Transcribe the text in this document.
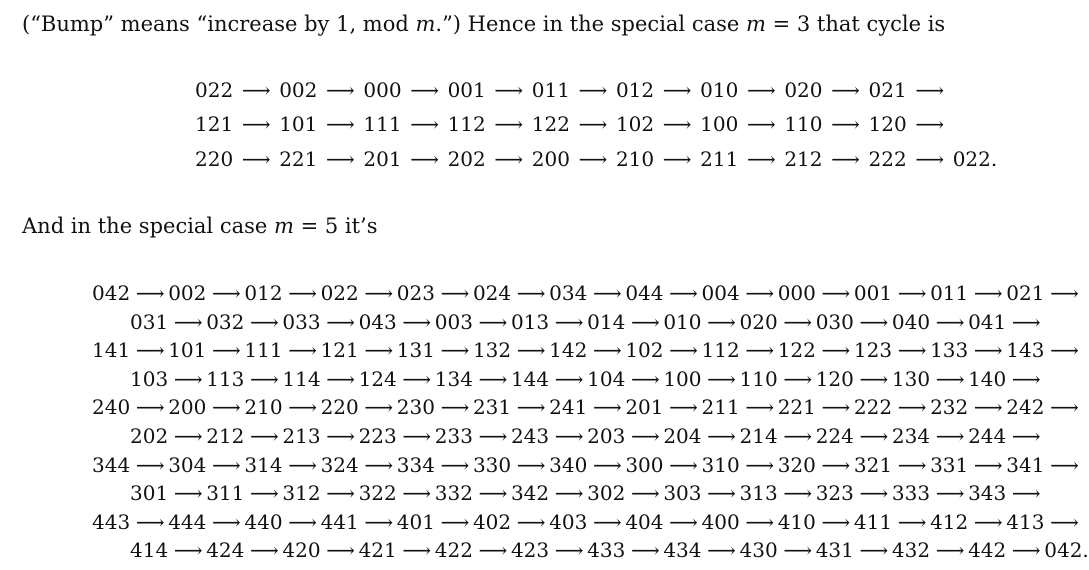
(“Bump” means “increase by 1, mod m.”) Hence in the special case m = 3 that cycle is
022 ⟶ 002 ⟶ 000 ⟶ 001 ⟶ 011 ⟶ 012 ⟶ 010 ⟶ 020 ⟶ 021 ⟶
121 ⟶ 101 ⟶ 111 ⟶ 112 ⟶ 122 ⟶ 102 ⟶ 100 ⟶ 110 ⟶ 120 ⟶
220 ⟶ 221 ⟶ 201 ⟶ 202 ⟶ 200 ⟶ 210 ⟶ 211 ⟶ 212 ⟶ 222 ⟶ 022.
And in the special case m = 5 it’s
042 ⟶ 002 ⟶ 012 ⟶ 022 ⟶ 023 ⟶ 024 ⟶ 034 ⟶ 044 ⟶ 004 ⟶ 000 ⟶ 001 ⟶ 011 ⟶ 021 ⟶
031 ⟶ 032 ⟶ 033 ⟶ 043 ⟶ 003 ⟶ 013 ⟶ 014 ⟶ 010 ⟶ 020 ⟶ 030 ⟶ 040 ⟶ 041 ⟶
141 ⟶ 101 ⟶ 111 ⟶ 121 ⟶ 131 ⟶ 132 ⟶ 142 ⟶ 102 ⟶ 112 ⟶ 122 ⟶ 123 ⟶ 133 ⟶ 143 ⟶
103 ⟶ 113 ⟶ 114 ⟶ 124 ⟶ 134 ⟶ 144 ⟶ 104 ⟶ 100 ⟶ 110 ⟶ 120 ⟶ 130 ⟶ 140 ⟶
240 ⟶ 200 ⟶ 210 ⟶ 220 ⟶ 230 ⟶ 231 ⟶ 241 ⟶ 201 ⟶ 211 ⟶ 221 ⟶ 222 ⟶ 232 ⟶ 242 ⟶
202 ⟶ 212 ⟶ 213 ⟶ 223 ⟶ 233 ⟶ 243 ⟶ 203 ⟶ 204 ⟶ 214 ⟶ 224 ⟶ 234 ⟶ 244 ⟶
344 ⟶ 304 ⟶ 314 ⟶ 324 ⟶ 334 ⟶ 330 ⟶ 340 ⟶ 300 ⟶ 310 ⟶ 320 ⟶ 321 ⟶ 331 ⟶ 341 ⟶
301 ⟶ 311 ⟶ 312 ⟶ 322 ⟶ 332 ⟶ 342 ⟶ 302 ⟶ 303 ⟶ 313 ⟶ 323 ⟶ 333 ⟶ 343 ⟶
443 ⟶ 444 ⟶ 440 ⟶ 441 ⟶ 401 ⟶ 402 ⟶ 403 ⟶ 404 ⟶ 400 ⟶ 410 ⟶ 411 ⟶ 412 ⟶ 413 ⟶
414 ⟶ 424 ⟶ 420 ⟶ 421 ⟶ 422 ⟶ 423 ⟶ 433 ⟶ 434 ⟶ 430 ⟶ 431 ⟶ 432 ⟶ 442 ⟶ 042.
